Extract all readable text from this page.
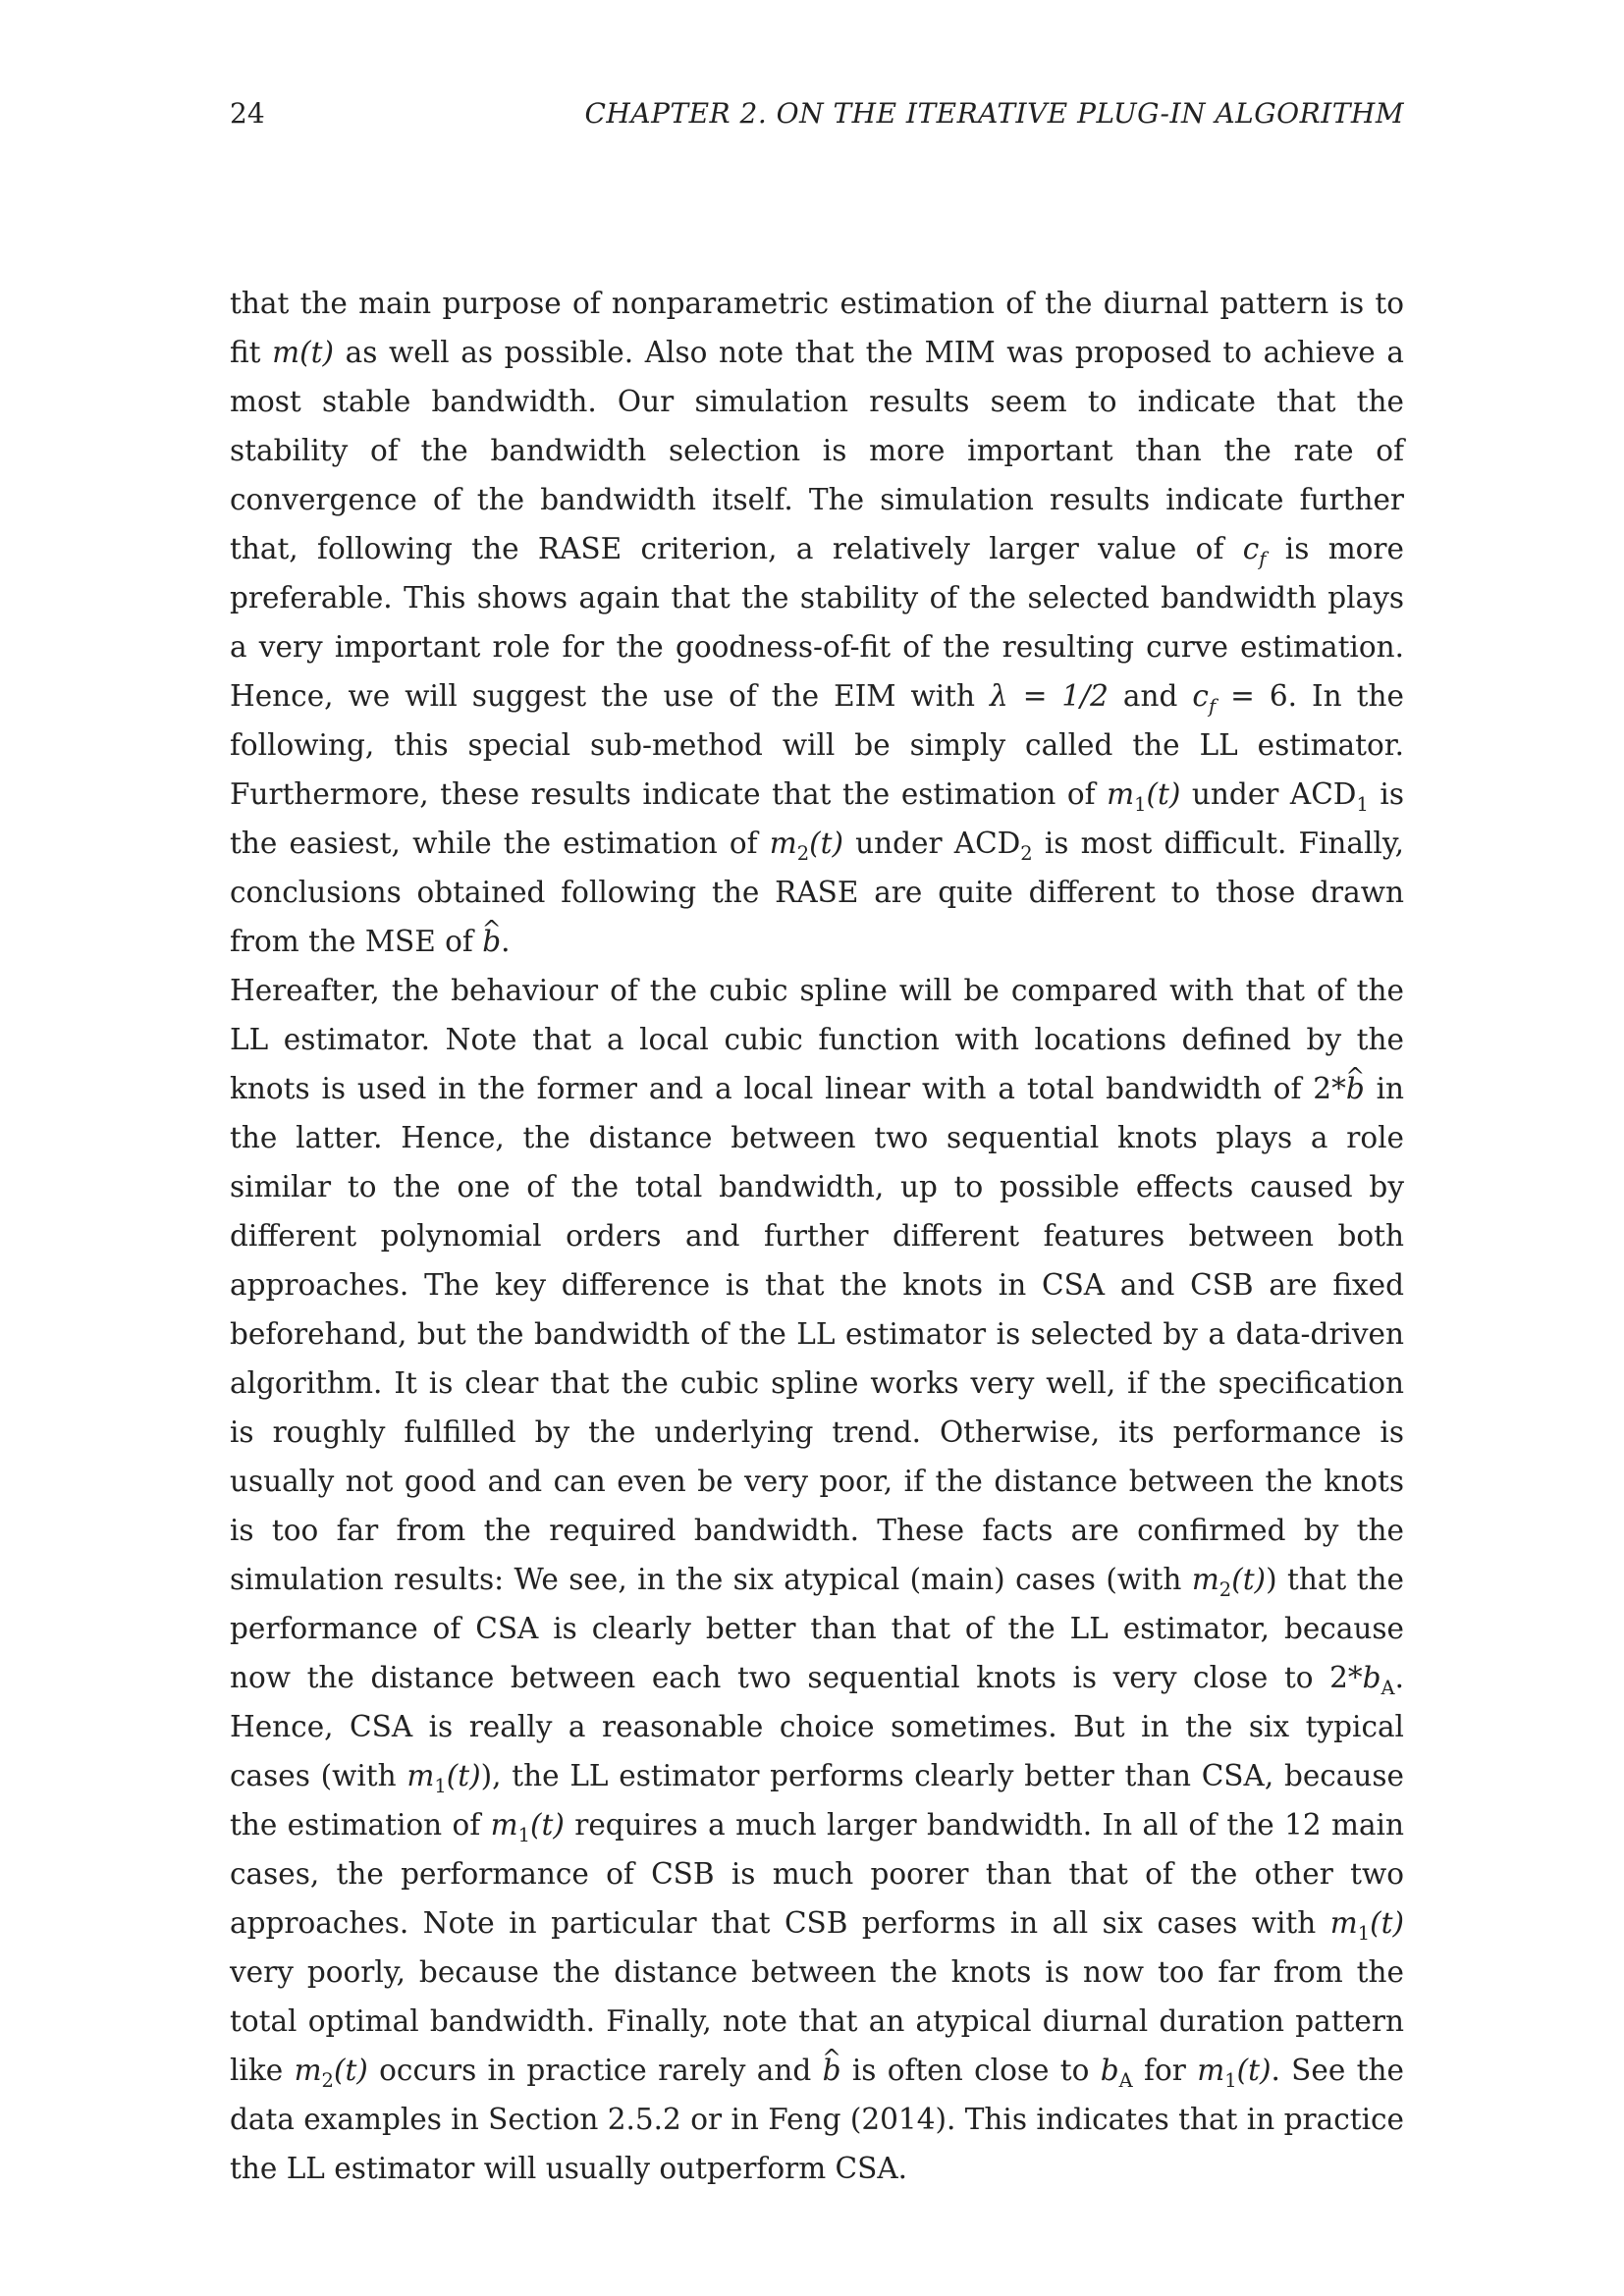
24	CHAPTER 2. ON THE ITERATIVE PLUG-IN ALGORITHM

that the main purpose of nonparametric estimation of the diurnal pattern is to fit m(t) as well as possible. Also note that the MIM was proposed to achieve a most stable bandwidth. Our simulation results seem to indicate that the stability of the bandwidth selection is more important than the rate of convergence of the bandwidth itself. The simulation results indicate further that, following the RASE criterion, a relatively larger value of $c_f$ is more preferable. This shows again that the stability of the selected bandwidth plays a very important role for the goodness-of-fit of the resulting curve estimation. Hence, we will suggest the use of the EIM with λ = 1/2 and $c_f = 6$. In the following, this special sub-method will be simply called the LL estimator. Furthermore, these results indicate that the estimation of $m_1(t)$ under $ACD_1$ is the easiest, while the estimation of $m_2(t)$ under $ACD_2$ is most difficult. Finally, conclusions obtained following the RASE are quite different to those drawn from the MSE of ^ b.

Hereafter, the behaviour of the cubic spline will be compared with that of the LL estimator. Note that a local cubic function with locations defined by the knots is used in the former and a local linear with a total bandwidth of 2*^ b in the latter. Hence, the distance between two sequential knots plays a role similar to the one of the total bandwidth, up to possible effects caused by different polynomial orders and further different features between both approaches. The key difference is that the knots in CSA and CSB are fixed beforehand, but the bandwidth of the LL estimator is selected by a data-driven algorithm. It is clear that the cubic spline works very well, if the specification is roughly fulfilled by the underlying trend. Otherwise, its performance is usually not good and can even be very poor, if the distance between the knots is too far from the required bandwidth. These facts are confirmed by the simulation results: We see, in the six atypical (main) cases (with $m_2(t)$) that the performance of CSA is clearly better than that of the LL estimator, because now the distance between each two sequential knots is very close to $2*b_A$. Hence, CSA is really a reasonable choice sometimes. But in the six typical cases (with $m_1(t)$), the LL estimator performs clearly better than CSA, because the estimation of $m_1(t)$ requires a much larger bandwidth. In all of the 12 main cases, the performance of CSB is much poorer than that of the other two approaches. Note in particular that CSB performs in all six cases with $m_1(t)$ very poorly, because the distance between the knots is now too far from the total optimal bandwidth. Finally, note that an atypical diurnal duration pattern like $m_2(t)$ occurs in practice rarely and ^ b is often close to $b_A$ for $m_1(t)$. See the data examples in Section 2.5.2 or in Feng (2014). This indicates that in practice the LL estimator will usually outperform CSA.
